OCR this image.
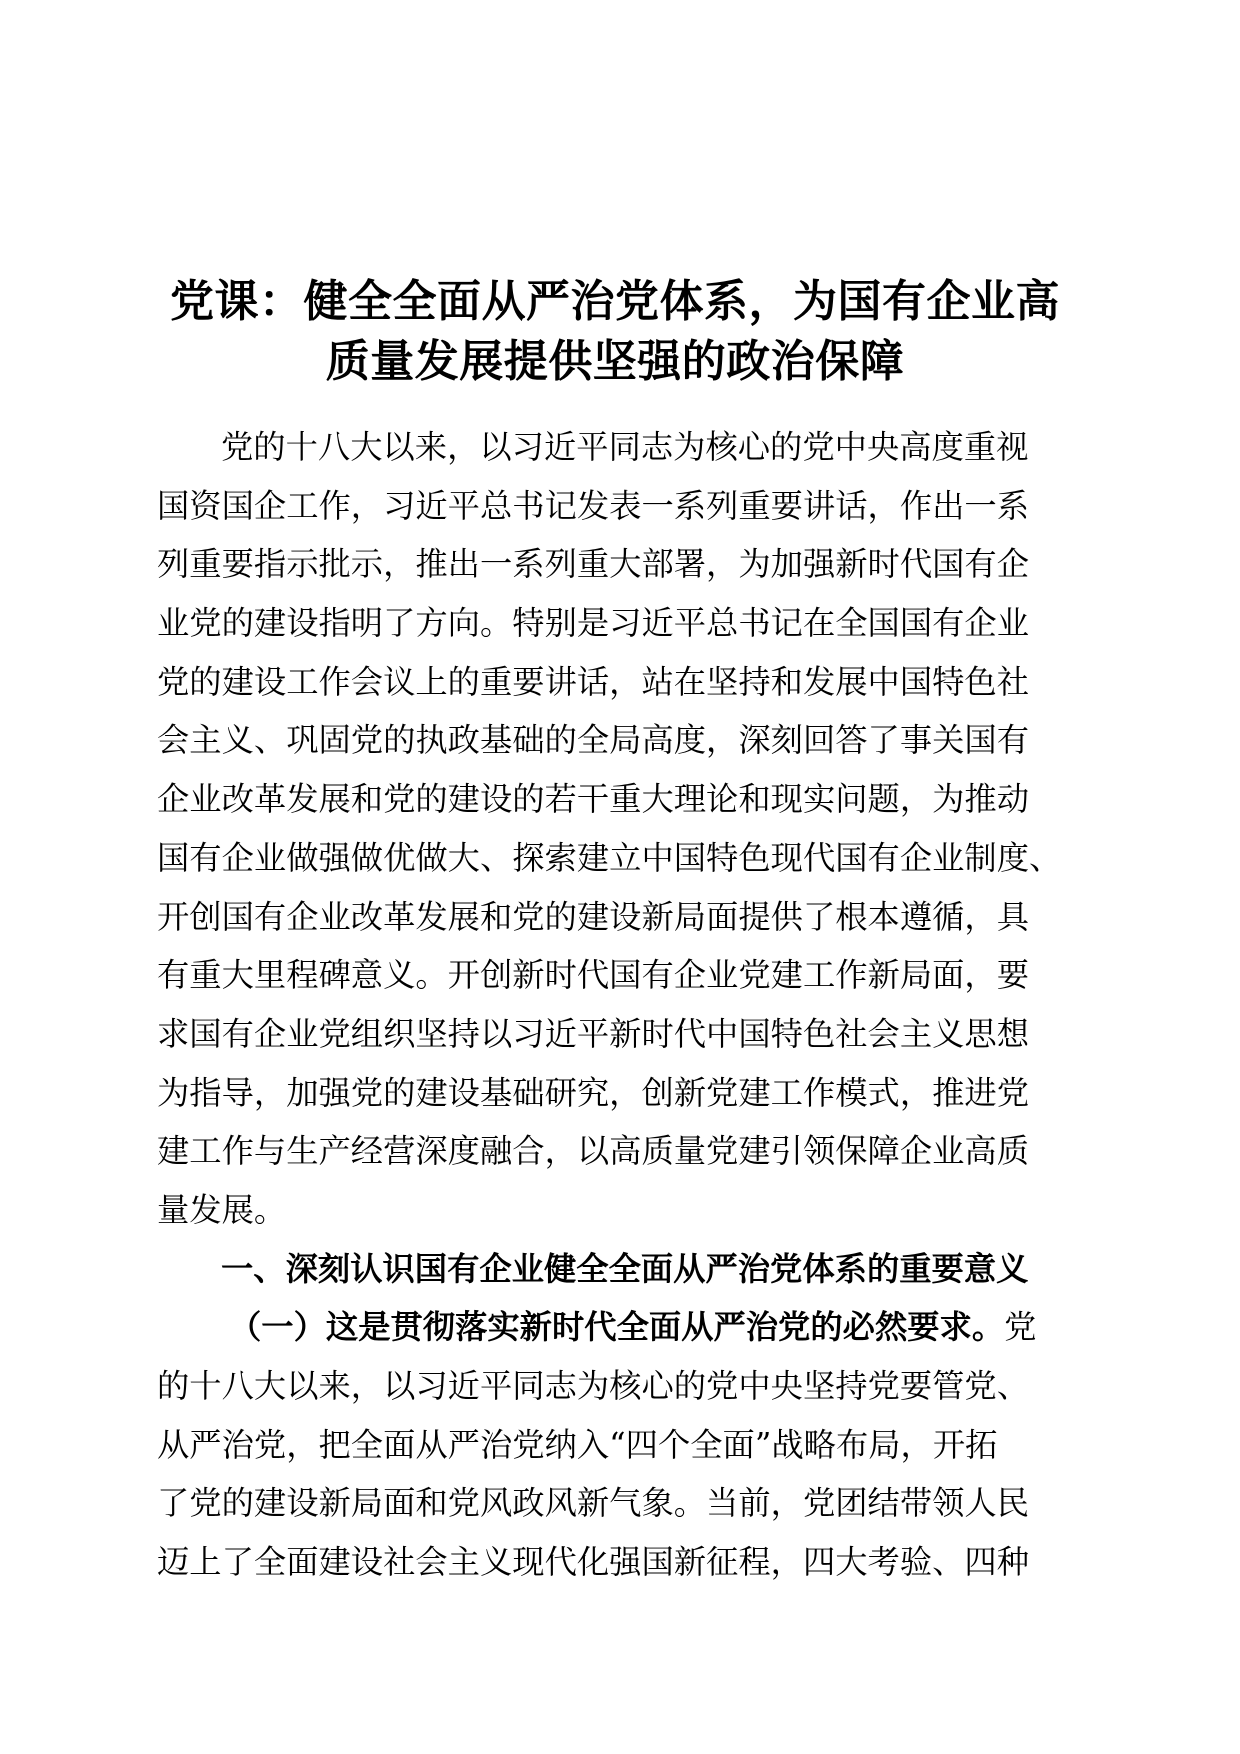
党课：健全全面从严治党体系，为国有企业高
质量发展提供坚强的政治保障
党的十八大以来，以习近平同志为核心的党中央高度重视
国资国企工作，习近平总书记发表一系列重要讲话，作出一系
列重要指示批示，推出一系列重大部署，为加强新时代国有企
业党的建设指明了方向。特别是习近平总书记在全国国有企业
党的建设工作会议上的重要讲话，站在坚持和发展中国特色社
会主义、巩固党的执政基础的全局高度，深刻回答了事关国有
企业改革发展和党的建设的若干重大理论和现实问题，为推动
国有企业做强做优做大、探索建立中国特色现代国有企业制度、
开创国有企业改革发展和党的建设新局面提供了根本遵循，具
有重大里程碑意义。开创新时代国有企业党建工作新局面，要
求国有企业党组织坚持以习近平新时代中国特色社会主义思想
为指导，加强党的建设基础研究，创新党建工作模式，推进党
建工作与生产经营深度融合，以高质量党建引领保障企业高质
量发展。
一、深刻认识国有企业健全全面从严治党体系的重要意义
（一）这是贯彻落实新时代全面从严治党的必然要求。党
的十八大以来，以习近平同志为核心的党中央坚持党要管党、
从严治党，把全面从严治党纳入“四个全面”战略布局，开拓
了党的建设新局面和党风政风新气象。当前，党团结带领人民
迈上了全面建设社会主义现代化强国新征程，四大考验、四种
